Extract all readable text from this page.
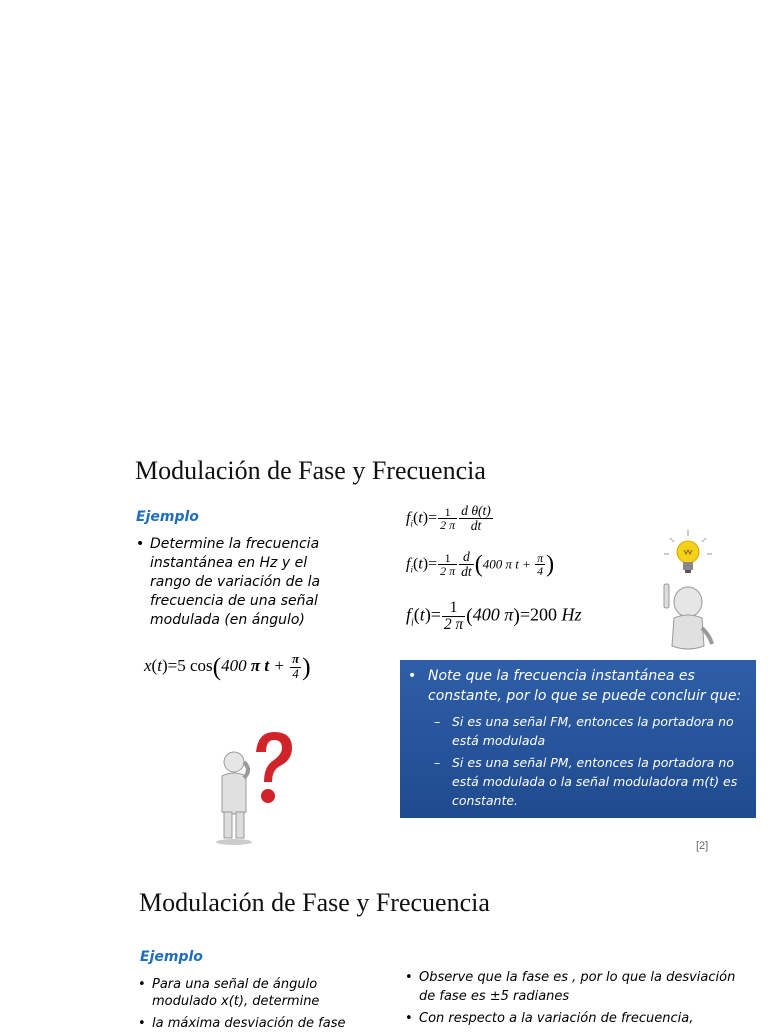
Modulación de Fase y Frecuencia
Ejemplo
• Determine la frecuencia instantánea en Hz y el rango de variación de la frecuencia de una señal modulada (en ángulo)
x(t)=5 cos(400 π $t + \frac{\pi}{4}$ )
$f_i(t)= \frac{1}{2 \pi} \frac{\text{d θ(t)}}{dt}$
$f_i(t)= \frac{1}{2 \pi} \frac{d}{dt} (400$ π $t + \frac{\pi}{4}$ )
$f_i(t)= \frac{1}{2 \pi} (400$ π)=200 Hz
• Note que la frecuencia instantánea es constante, por lo que se puede concluir que:
– Si es una señal FM, entonces la portadora no está modulada
– Si es una señal PM, entonces la portadora no está modulada o la señal moduladora m(t) es constante.
[2]
Modulación de Fase y Frecuencia
Ejemplo
• Para una señal de ángulo modulado x(t), determine
• la máxima desviación de fase
• Observe que la fase es , por lo que la desviación de fase es ±5 radianes
• Con respecto a la variación de frecuencia,
